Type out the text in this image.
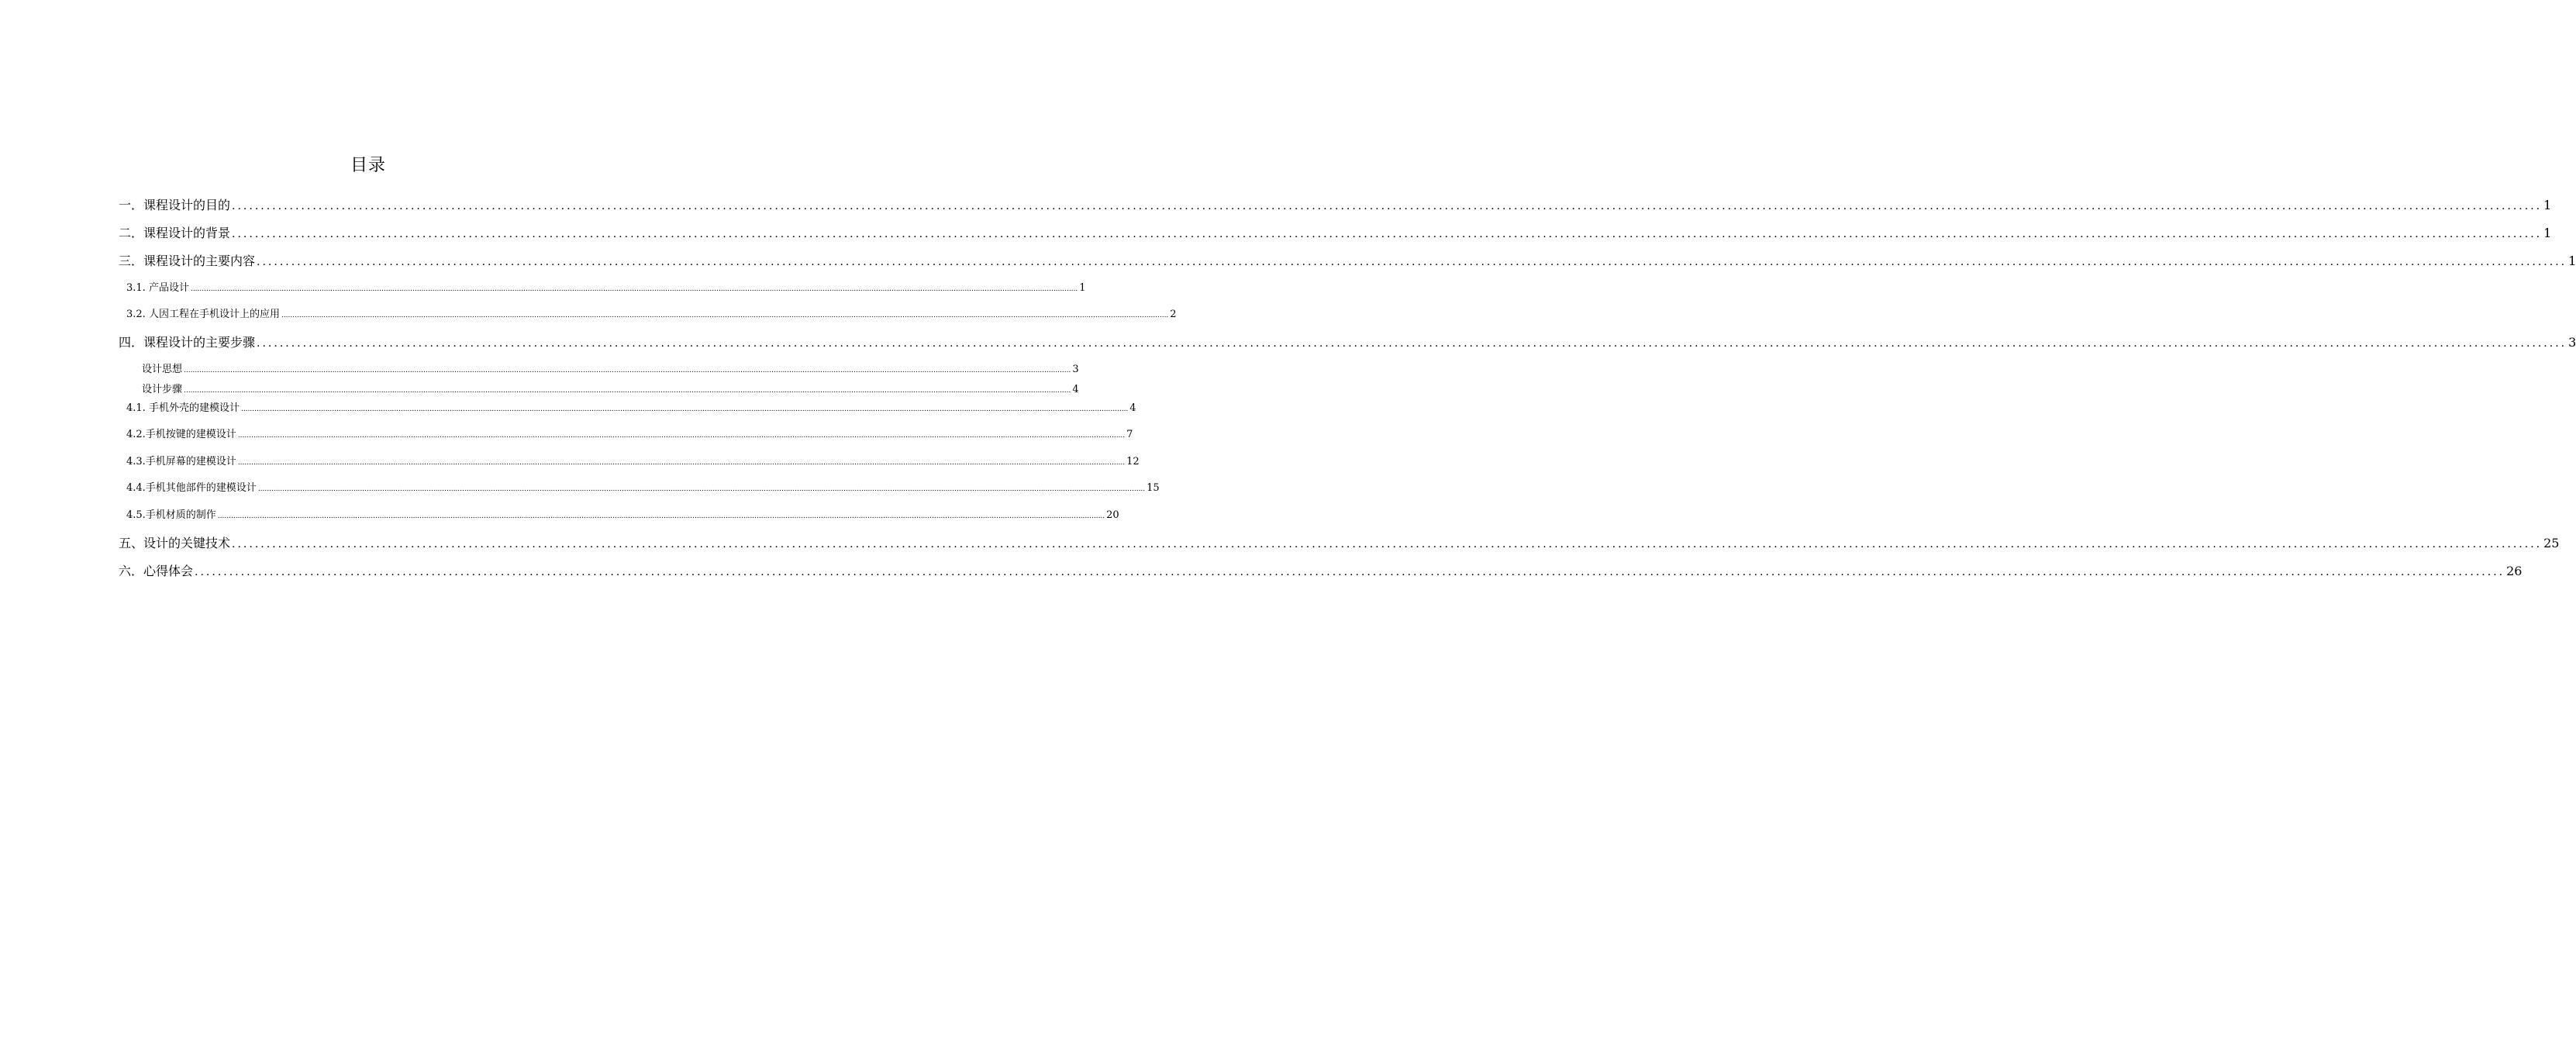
目录
一．课程设计的目的 ................................................................................................................................................................................................................................................................................................................................................................................................................ 1
二．课程设计的背景 ................................................................................................................................................................................................................................................................................................................................................................................................................ 1
三．课程设计的主要内容 ................................................................................................................................................................................................................................................................................................................................................................................................................ 1
3.1. 产品设计 ................................................................................................................................................................................................................................................................................................................................................................................................................ 1
3.2. 人因工程在手机设计上的应用 ................................................................................................................................................................................................................................................................................................................................................................................................................ 2
四．课程设计的主要步骤 ................................................................................................................................................................................................................................................................................................................................................................................................................ 3
设计思想 ................................................................................................................................................................................................................................................................................................................................................................................................................ 3
设计步骤 ................................................................................................................................................................................................................................................................................................................................................................................................................ 4
4.1. 手机外壳的建模设计 ................................................................................................................................................................................................................................................................................................................................................................................................................ 4
4.2.手机按键的建模设计 ................................................................................................................................................................................................................................................................................................................................................................................................................ 7
4.3.手机屏幕的建模设计 ................................................................................................................................................................................................................................................................................................................................................................................................................ 12
4.4.手机其他部件的建模设计 ................................................................................................................................................................................................................................................................................................................................................................................................................ 15
4.5.手机材质的制作 ................................................................................................................................................................................................................................................................................................................................................................................................................ 20
五、设计的关键技术 ................................................................................................................................................................................................................................................................................................................................................................................................................ 25
六．心得体会 ................................................................................................................................................................................................................................................................................................................................................................................................................ 26
